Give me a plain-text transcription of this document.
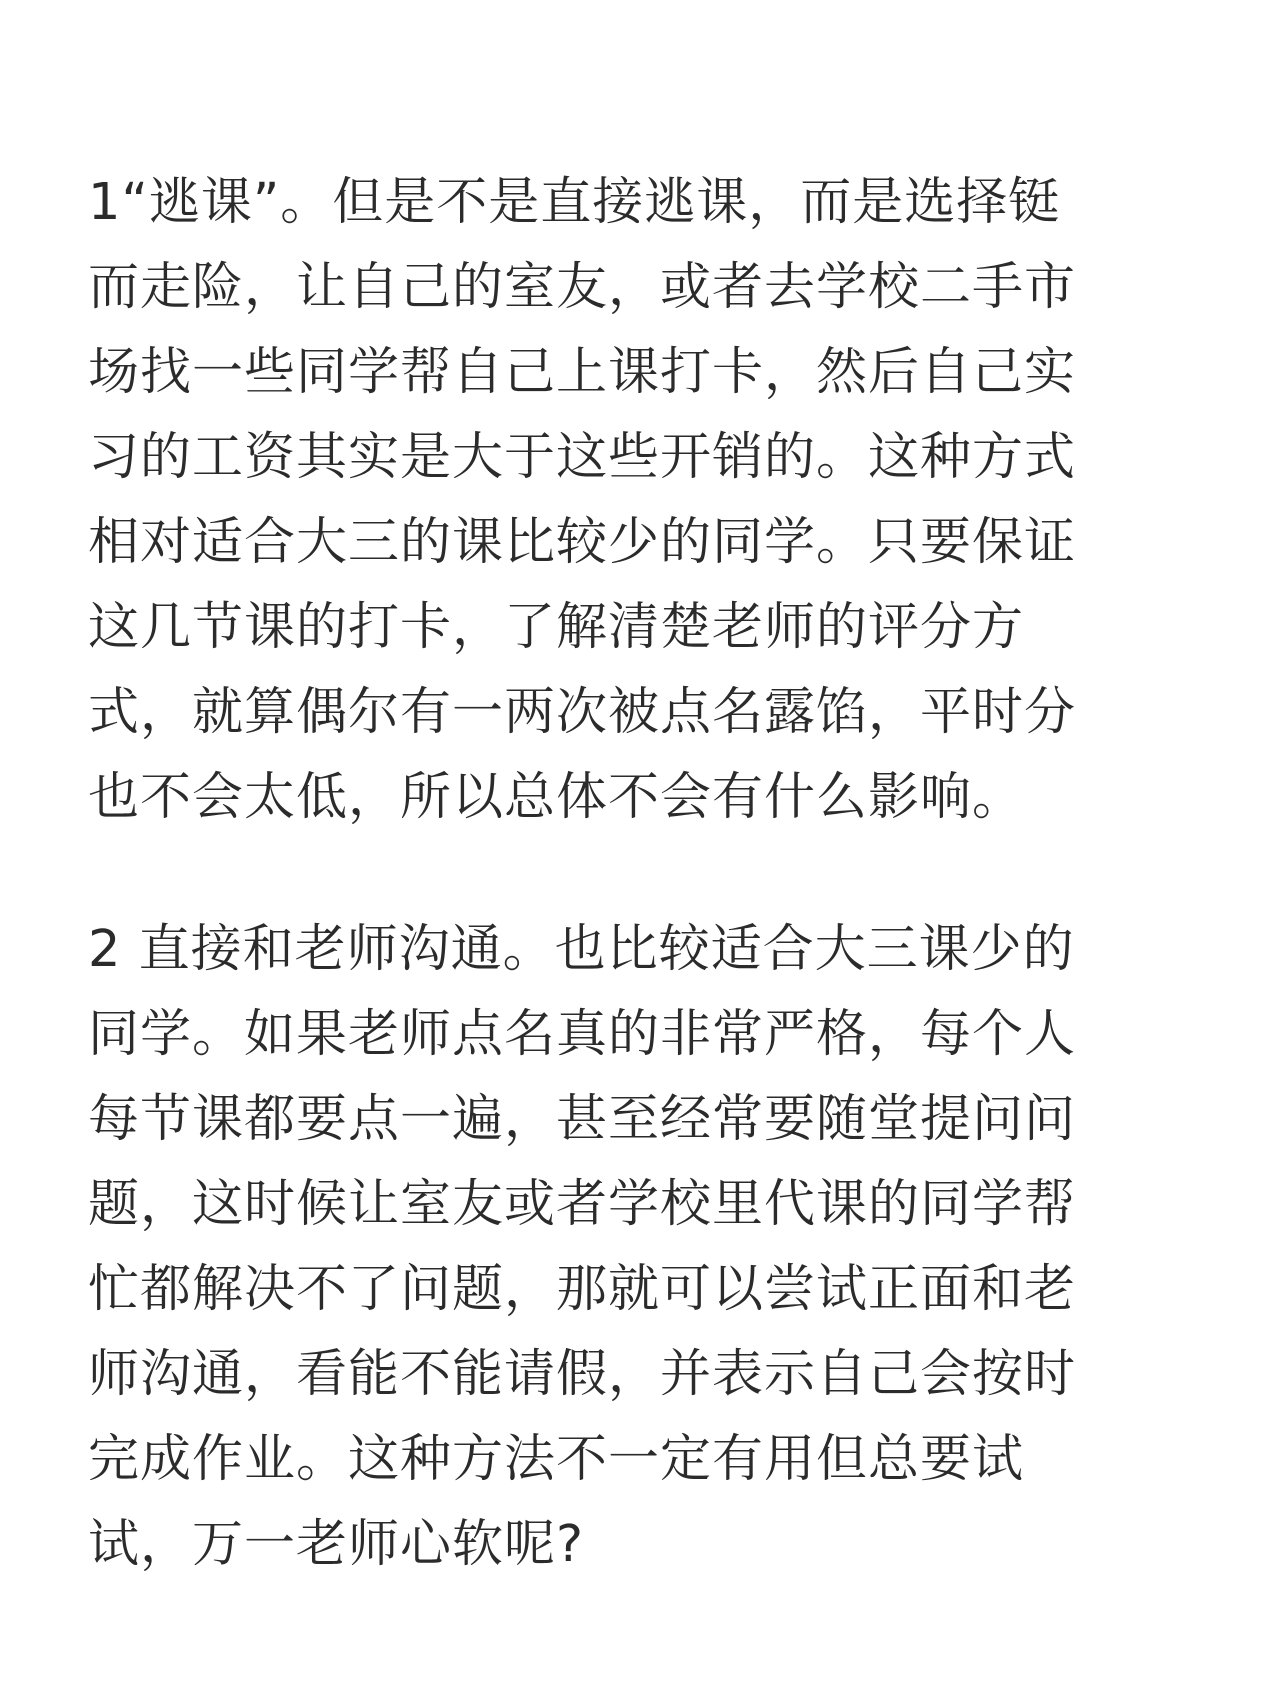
1“逃课”。但是不是直接逃课，而是选择铤
而走险，让自己的室友，或者去学校二手市
场找一些同学帮自己上课打卡，然后自己实
习的工资其实是大于这些开销的。这种方式
相对适合大三的课比较少的同学。只要保证
这几节课的打卡，了解清楚老师的评分方
式，就算偶尔有一两次被点名露馅，平时分
也不会太低，所以总体不会有什么影响。

2 直接和老师沟通。也比较适合大三课少的
同学。如果老师点名真的非常严格，每个人
每节课都要点一遍，甚至经常要随堂提问问
题，这时候让室友或者学校里代课的同学帮
忙都解决不了问题，那就可以尝试正面和老
师沟通，看能不能请假，并表示自己会按时
完成作业。这种方法不一定有用但总要试
试，万一老师心软呢?
